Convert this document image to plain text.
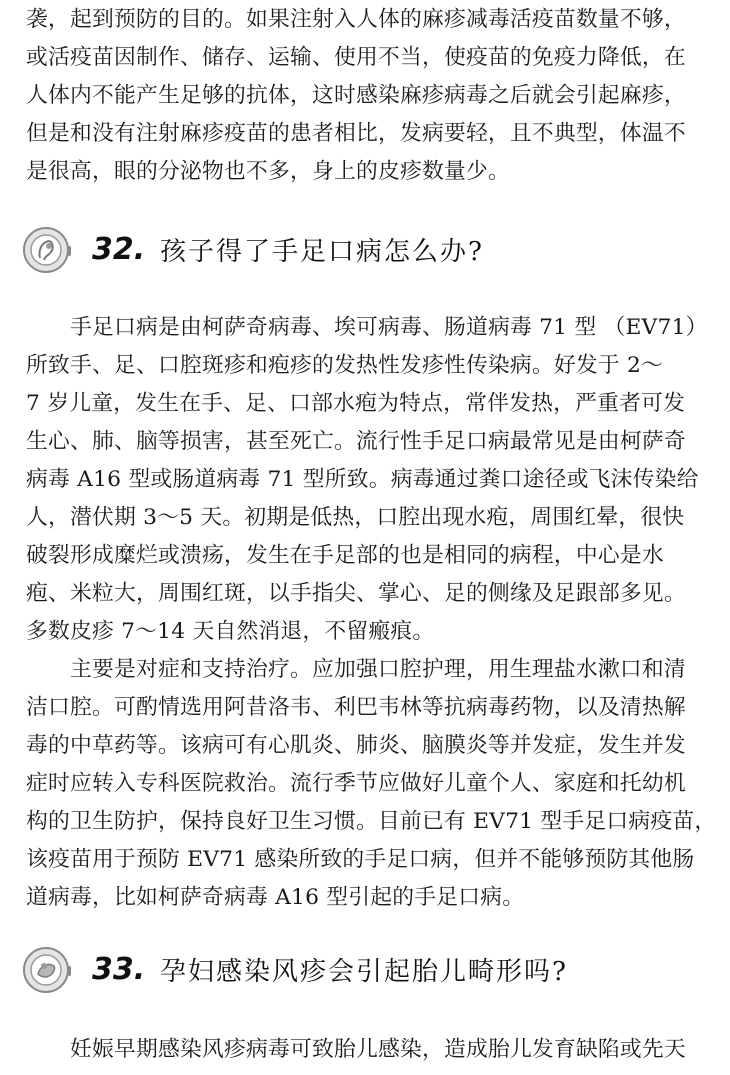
袭，起到预防的目的。如果注射入人体的麻疹减毒活疫苗数量不够，
或活疫苗因制作、储存、运输、使用不当，使疫苗的免疫力降低，在
人体内不能产生足够的抗体，这时感染麻疹病毒之后就会引起麻疹，
但是和没有注射麻疹疫苗的患者相比，发病要轻，且不典型，体温不
是很高，眼的分泌物也不多，身上的皮疹数量少。
32. 孩子得了手足口病怎么办?
手足口病是由柯萨奇病毒、埃可病毒、肠道病毒 71 型 （EV71）
所致手、足、口腔斑疹和疱疹的发热性发疹性传染病。好发于 2～
7 岁儿童，发生在手、足、口部水疱为特点，常伴发热，严重者可发
生心、肺、脑等损害，甚至死亡。流行性手足口病最常见是由柯萨奇
病毒 A16 型或肠道病毒 71 型所致。病毒通过粪口途径或飞沫传染给
人，潜伏期 3～5 天。初期是低热，口腔出现水疱，周围红晕，很快
破裂形成糜烂或溃疡，发生在手足部的也是相同的病程，中心是水
疱、米粒大，周围红斑，以手指尖、掌心、足的侧缘及足跟部多见。
多数皮疹 7～14 天自然消退，不留瘢痕。
主要是对症和支持治疗。应加强口腔护理，用生理盐水漱口和清
洁口腔。可酌情选用阿昔洛韦、利巴韦林等抗病毒药物，以及清热解
毒的中草药等。该病可有心肌炎、肺炎、脑膜炎等并发症，发生并发
症时应转入专科医院救治。流行季节应做好儿童个人、家庭和托幼机
构的卫生防护，保持良好卫生习惯。目前已有 EV71 型手足口病疫苗，
该疫苗用于预防 EV71 感染所致的手足口病，但并不能够预防其他肠
道病毒，比如柯萨奇病毒 A16 型引起的手足口病。
33. 孕妇感染风疹会引起胎儿畸形吗?
妊娠早期感染风疹病毒可致胎儿感染，造成胎儿发育缺陷或先天
